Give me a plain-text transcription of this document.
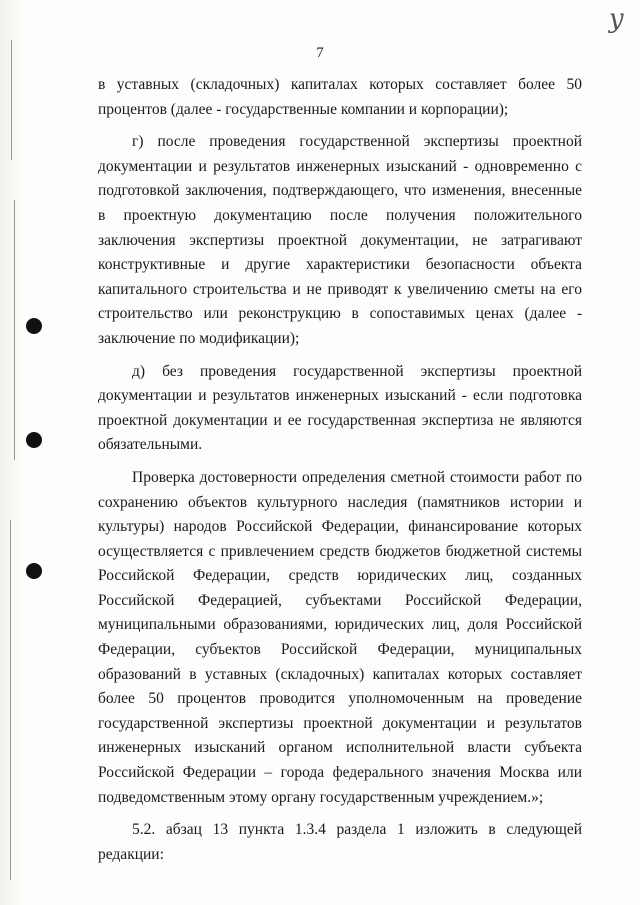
у
7

в уставных (складочных) капиталах которых составляет более 50 процентов (далее - государственные компании и корпорации);

г) после проведения государственной экспертизы проектной документации и результатов инженерных изысканий - одновременно с подготовкой заключения, подтверждающего, что изменения, внесенные в проектную документацию после получения положительного заключения экспертизы проектной документации, не затрагивают конструктивные и другие характеристики безопасности объекта капитального строительства и не приводят к увеличению сметы на его строительство или реконструкцию в сопоставимых ценах (далее - заключение по модификации);

д) без проведения государственной экспертизы проектной документации и результатов инженерных изысканий - если подготовка проектной документации и ее государственная экспертиза не являются обязательными.

Проверка достоверности определения сметной стоимости работ по сохранению объектов культурного наследия (памятников истории и культуры) народов Российской Федерации, финансирование которых осуществляется с привлечением средств бюджетов бюджетной системы Российской Федерации, средств юридических лиц, созданных Российской Федерацией, субъектами Российской Федерации, муниципальными образованиями, юридических лиц, доля Российской Федерации, субъектов Российской Федерации, муниципальных образований в уставных (складочных) капиталах которых составляет более 50 процентов проводится уполномоченным на проведение государственной экспертизы проектной документации и результатов инженерных изысканий органом исполнительной власти субъекта Российской Федерации – города федерального значения Москва или подведомственным этому органу государственным учреждением.»;

5.2. абзац 13 пункта 1.3.4 раздела 1 изложить в следующей редакции:
